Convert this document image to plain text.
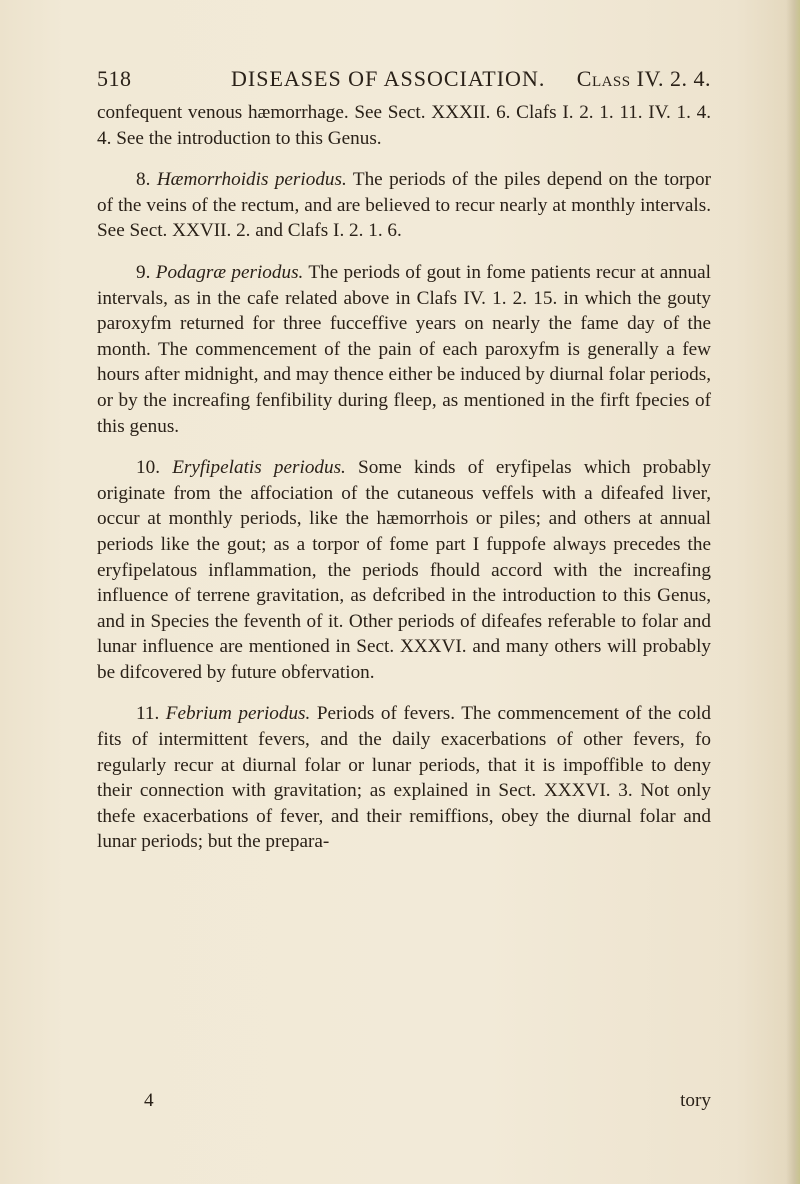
518	DISEASES OF ASSOCIATION. Class IV. 2. 4.

confequent venous hæmorrhage. See Sect. XXXII. 6. Clafs I. 2. 1. 11. IV. 1. 4. 4. See the introduction to this Genus.

8. Hæmorrhoidis periodus. The periods of the piles depend on the torpor of the veins of the rectum, and are believed to recur nearly at monthly intervals. See Sect. XXVII. 2. and Clafs I. 2. 1. 6.

9. Podagræ periodus. The periods of gout in fome patients recur at annual intervals, as in the cafe related above in Clafs IV. 1. 2. 15. in which the gouty paroxyfm returned for three fucceffive years on nearly the fame day of the month. The commencement of the pain of each paroxyfm is generally a few hours after midnight, and may thence either be induced by diurnal folar periods, or by the increafing fenfibility during fleep, as mentioned in the firft fpecies of this genus.

10. Eryfipelatis periodus. Some kinds of eryfipelas which probably originate from the affociation of the cutaneous veffels with a difeafed liver, occur at monthly periods, like the hæmorrhois or piles; and others at annual periods like the gout; as a torpor of fome part I fuppofe always precedes the eryfipelatous inflammation, the periods fhould accord with the increafing influence of terrene gravitation, as defcribed in the introduction to this Genus, and in Species the feventh of it. Other periods of difeafes referable to folar and lunar influence are mentioned in Sect. XXXVI. and many others will probably be difcovered by future obfervation.

11. Febrium periodus. Periods of fevers. The commencement of the cold fits of intermittent fevers, and the daily exacerbations of other fevers, fo regularly recur at diurnal folar or lunar periods, that it is impoffible to deny their connection with gravitation; as explained in Sect. XXXVI. 3. Not only thefe exacerbations of fever, and their remiffions, obey the diurnal folar and lunar periods; but the prepara-

4	tory
